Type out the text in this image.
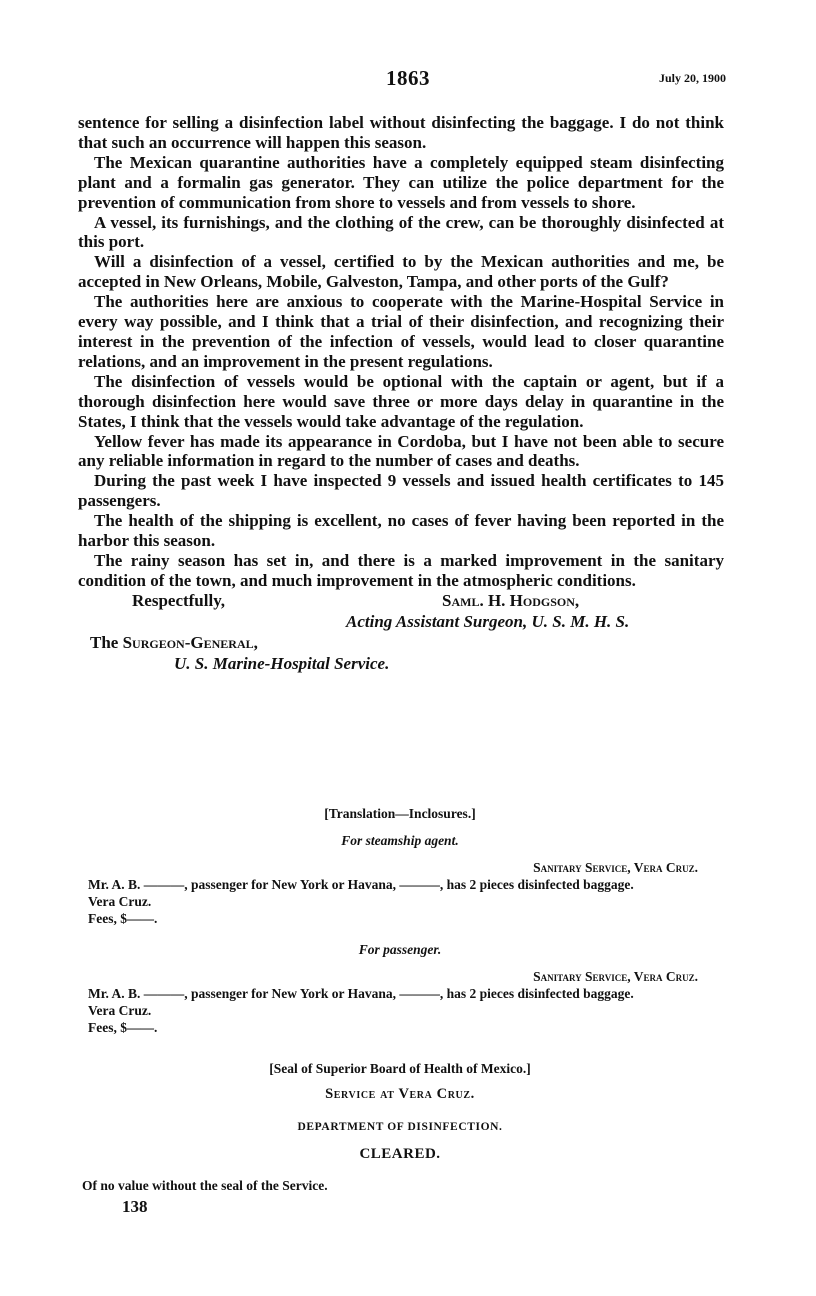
1863	July 20, 1900

sentence for selling a disinfection label without disinfecting the baggage. I do not think that such an occurrence will happen this season.

The Mexican quarantine authorities have a completely equipped steam disinfecting plant and a formalin gas generator. They can utilize the police department for the prevention of communication from shore to vessels and from vessels to shore.

A vessel, its furnishings, and the clothing of the crew, can be thoroughly disinfected at this port.

Will a disinfection of a vessel, certified to by the Mexican authorities and me, be accepted in New Orleans, Mobile, Galveston, Tampa, and other ports of the Gulf?

The authorities here are anxious to cooperate with the Marine-Hospital Service in every way possible, and I think that a trial of their disinfection, and recognizing their interest in the prevention of the infection of vessels, would lead to closer quarantine relations, and an improvement in the present regulations.

The disinfection of vessels would be optional with the captain or agent, but if a thorough disinfection here would save three or more days delay in quarantine in the States, I think that the vessels would take advantage of the regulation.

Yellow fever has made its appearance in Cordoba, but I have not been able to secure any reliable information in regard to the number of cases and deaths.

During the past week I have inspected 9 vessels and issued health certificates to 145 passengers.

The health of the shipping is excellent, no cases of fever having been reported in the harbor this season.

The rainy season has set in, and there is a marked improvement in the sanitary condition of the town, and much improvement in the atmospheric conditions.

Respectfully,	Saml. H. Hodgson,
Acting Assistant Surgeon, U. S. M. H. S.
The Surgeon-General,
U. S. Marine-Hospital Service.
[Translation—Inclosures.]
For steamship agent.
Sanitary Service, Vera Cruz.
Mr. A. B. ———, passenger for New York or Havana, ———, has 2 pieces disinfected baggage.
Vera Cruz.
Fees, $——.
For passenger.
Sanitary Service, Vera Cruz.
Mr. A. B. ———, passenger for New York or Havana, ———, has 2 pieces disinfected baggage.
Vera Cruz.
Fees, $——.
[Seal of Superior Board of Health of Mexico.]
Service at Vera Cruz.
DEPARTMENT OF DISINFECTION.
CLEARED.
Of no value without the seal of the Service.
138
